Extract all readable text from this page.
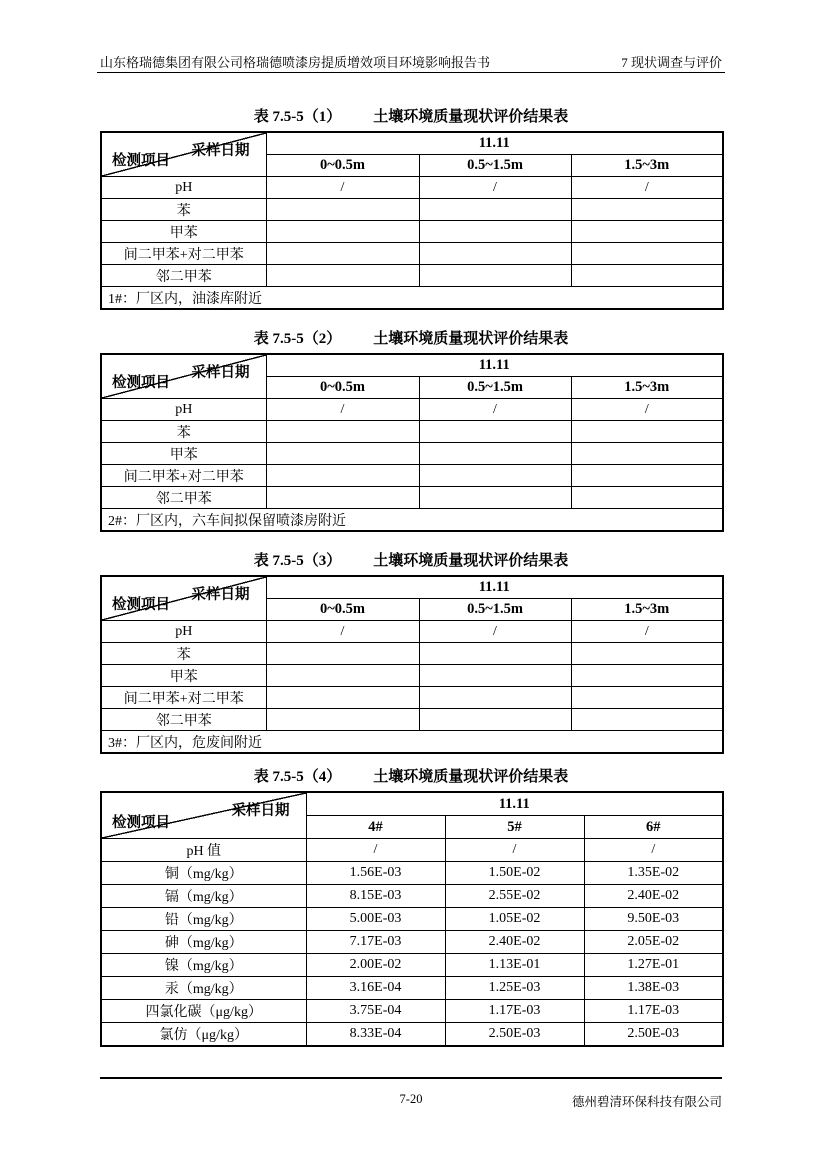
山东格瑞德集团有限公司格瑞德喷漆房提质增效项目环境影响报告书	7 现状调查与评价
表 7.5-5（1） 土壤环境质量现状评价结果表
采样日期
检测项目	11.11		
	0~0.5m	0.5~1.5m	1.5~3m
pH	/	/	/
苯			
甲苯			
间二甲苯+对二甲苯			
邻二甲苯			
1#：厂区内，油漆库附近			
表 7.5-5（2） 土壤环境质量现状评价结果表
采样日期
检测项目	11.11		
	0~0.5m	0.5~1.5m	1.5~3m
pH	/	/	/
苯			
甲苯			
间二甲苯+对二甲苯			
邻二甲苯			
2#：厂区内，六车间拟保留喷漆房附近			
表 7.5-5（3） 土壤环境质量现状评价结果表
采样日期
检测项目	11.11		
	0~0.5m	0.5~1.5m	1.5~3m
pH	/	/	/
苯			
甲苯			
间二甲苯+对二甲苯			
邻二甲苯			
3#：厂区内，危废间附近			
表 7.5-5（4） 土壤环境质量现状评价结果表
采样日期
检测项目	11.11		
	4#	5#	6#
pH 值	/	/	/
铜（mg/kg）	1.56E-03	1.50E-02	1.35E-02
镉（mg/kg）	8.15E-03	2.55E-02	2.40E-02
铅（mg/kg）	5.00E-03	1.05E-02	9.50E-03
砷（mg/kg）	7.17E-03	2.40E-02	2.05E-02
镍（mg/kg）	2.00E-02	1.13E-01	1.27E-01
汞（mg/kg）	3.16E-04	1.25E-03	1.38E-03
四氯化碳（μg/kg）	3.75E-04	1.17E-03	1.17E-03
氯仿（μg/kg）	8.33E-04	2.50E-03	2.50E-03
7-20	德州碧清环保科技有限公司
